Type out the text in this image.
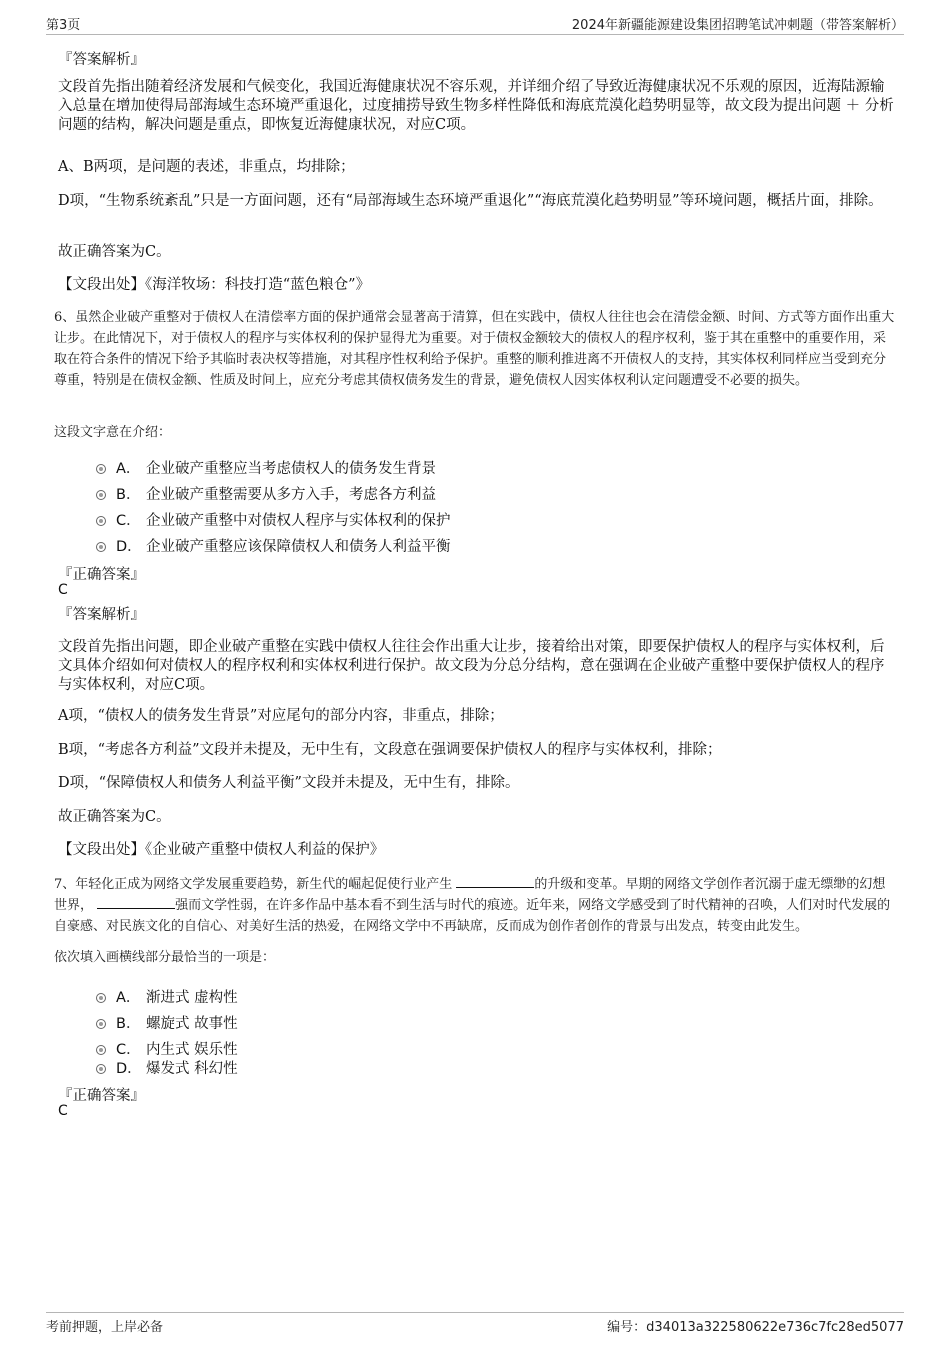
第3页	2024年新疆能源建设集团招聘笔试冲刺题（带答案解析）
『答案解析』
文段首先指出随着经济发展和气候变化，我国近海健康状况不容乐观，并详细介绍了导致近海健康状况不乐观的原因，近海陆源输入总量在增加使得局部海域生态环境严重退化，过度捕捞导致生物多样性降低和海底荒漠化趋势明显等，故文段为提出问题 ＋ 分析问题的结构，解决问题是重点，即恢复近海健康状况，对应C项。
A、B两项，是问题的表述，非重点，均排除；
D项，“生物系统紊乱”只是一方面问题，还有“局部海域生态环境严重退化”“海底荒漠化趋势明显”等环境问题，概括片面，排除。
故正确答案为C。
【文段出处】《海洋牧场：科技打造“蓝色粮仓”》
6、虽然企业破产重整对于债权人在清偿率方面的保护通常会显著高于清算，但在实践中，债权人往往也会在清偿金额、时间、方式等方面作出重大让步。在此情况下，对于债权人的程序与实体权利的保护显得尤为重要。对于债权金额较大的债权人的程序权利，鉴于其在重整中的重要作用，采取在符合条件的情况下给予其临时表决权等措施，对其程序性权利给予保护。重整的顺利推进离不开债权人的支持，其实体权利同样应当受到充分尊重，特别是在债权金额、性质及时间上，应充分考虑其债权债务发生的背景，避免债权人因实体权利认定问题遭受不必要的损失。
这段文字意在介绍：
A． 企业破产重整应当考虑债权人的债务发生背景
B． 企业破产重整需要从多方入手，考虑各方利益
C． 企业破产重整中对债权人程序与实体权利的保护
D． 企业破产重整应该保障债权人和债务人利益平衡
『正确答案』
C
『答案解析』
文段首先指出问题，即企业破产重整在实践中债权人往往会作出重大让步，接着给出对策，即要保护债权人的程序与实体权利，后文具体介绍如何对债权人的程序权利和实体权利进行保护。故文段为分总分结构，意在强调在企业破产重整中要保护债权人的程序与实体权利，对应C项。
A项，“债权人的债务发生背景”对应尾句的部分内容，非重点，排除；
B项，“考虑各方利益”文段并未提及，无中生有，文段意在强调要保护债权人的程序与实体权利，排除；
D项，“保障债权人和债务人利益平衡”文段并未提及，无中生有，排除。
故正确答案为C。
【文段出处】《企业破产重整中债权人利益的保护》
7、年轻化正成为网络文学发展重要趋势，新生代的崛起促使行业产生	的升级和变革。早期的网络文学创作者沉溺于虚无缥缈的幻想世界，	强而文学性弱，在许多作品中基本看不到生活与时代的痕迹。近年来，网络文学感受到了时代精神的召唤，人们对时代发展的自豪感、对民族文化的自信心、对美好生活的热爱，在网络文学中不再缺席，反而成为创作者创作的背景与出发点，转变由此发生。
依次填入画横线部分最恰当的一项是：
A． 渐进式 虚构性
B． 螺旋式 故事性
C． 内生式 娱乐性
D． 爆发式 科幻性
『正确答案』
C
考前押题，上岸必备	编号：d34013a322580622e736c7fc28ed5077
